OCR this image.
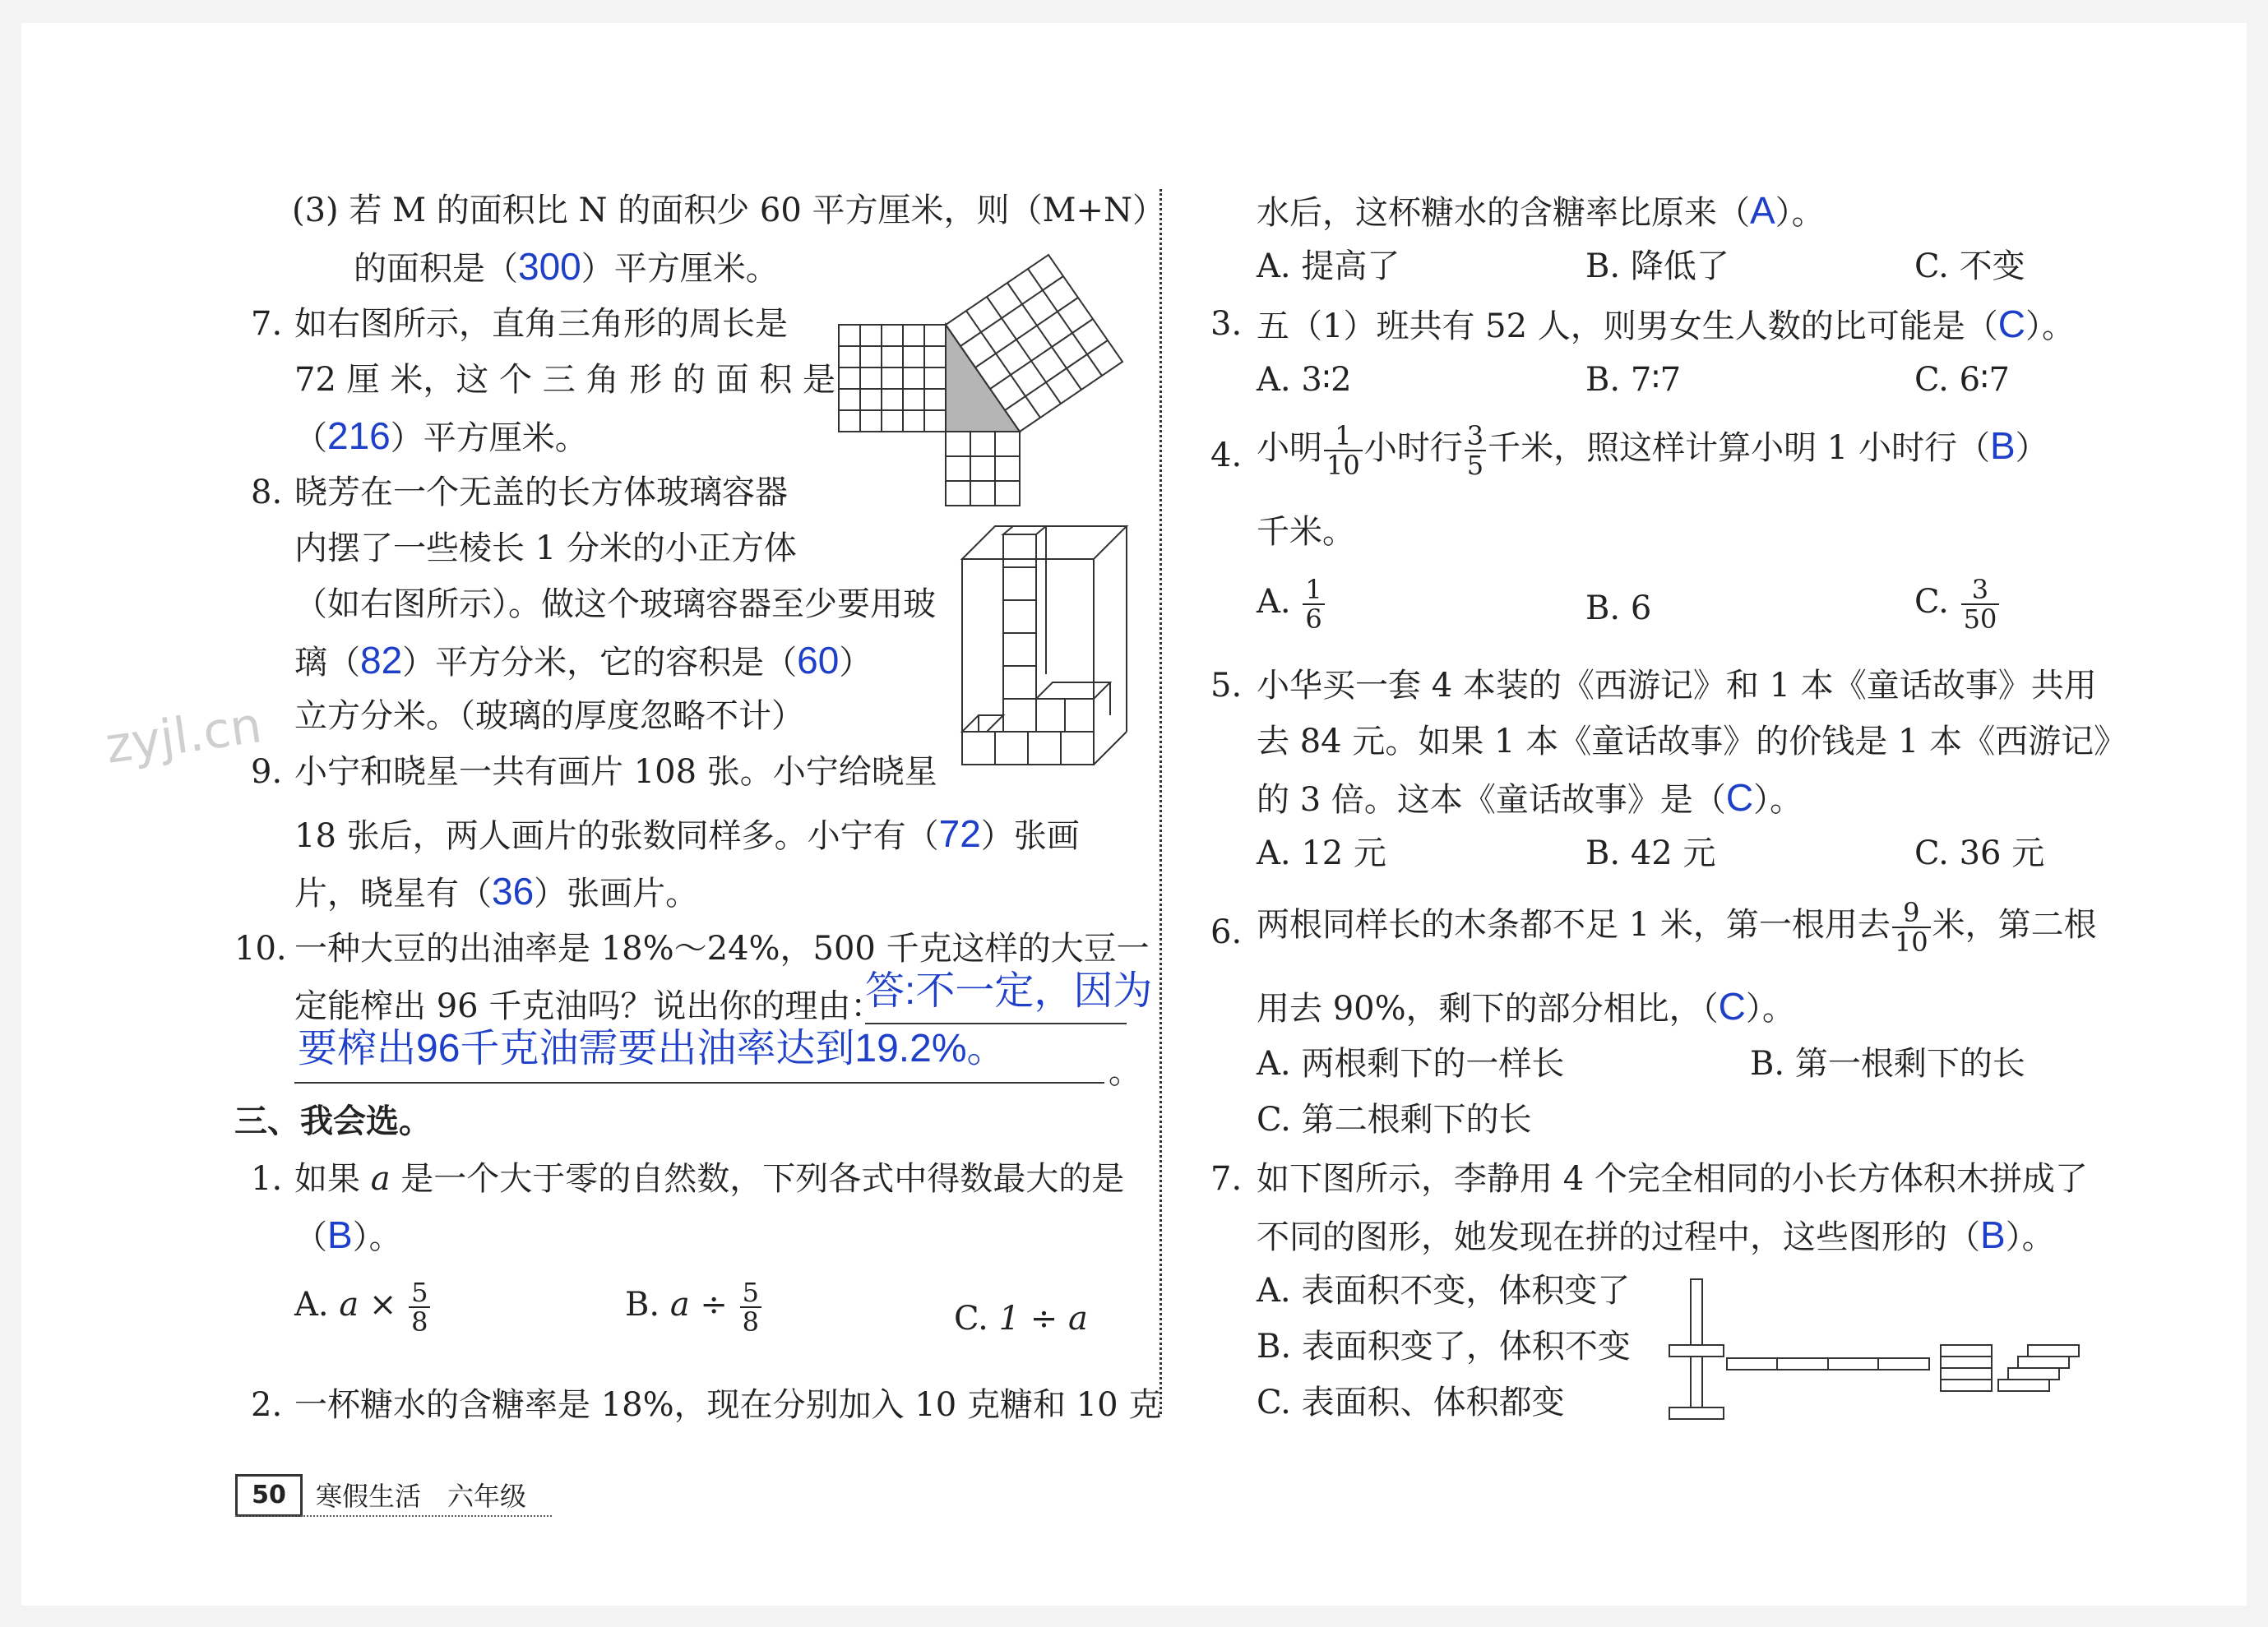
zyjl.cn
(3) 若 M 的面积比 N 的面积少 60 平方厘米，则（M+N）
的面积是（300）平方厘米。
7. 如右图所示，直角三角形的周长是
72 厘 米，这 个 三 角 形 的 面 积 是
（216）平方厘米。
8. 晓芳在一个无盖的长方体玻璃容器
内摆了一些棱长 1 分米的小正方体
（如右图所示）。做这个玻璃容器至少要用玻
璃（82）平方分米，它的容积是（60）
立方分米。（玻璃的厚度忽略不计）
9. 小宁和晓星一共有画片 108 张。小宁给晓星
18 张后，两人画片的张数同样多。小宁有（72）张画
片，晓星有（36）张画片。
10. 一种大豆的出油率是 18%～24%，500 千克这样的大豆一
定能榨出 96 千克油吗？说出你的理由：
答:不一定，因为
要榨出96千克油需要出油率达到19.2%。
。
三、我会选。
1. 如果 a 是一个大于零的自然数，下列各式中得数最大的是
（B）。
A. $a \times \frac{5}{8}$	B. $a \div \frac{5}{8}$	C. 1 ÷ a
2. 一杯糖水的含糖率是 18%，现在分别加入 10 克糖和 10 克
水后，这杯糖水的含糖率比原来（A）。
A. 提高了	B. 降低了	C. 不变
3. 五（1）班共有 52 人，则男女生人数的比可能是（C）。
A. 3∶2	B. 7∶7	C. 6∶7
4. 小明 $\frac{1}{10}$ 小时行 $\frac{3}{5}$ 千米，照这样计算小明 1 小时行（B）
千米。
A. $\frac{1}{6}$	B. 6	C. $\frac{3}{50}$
5. 小华买一套 4 本装的《西游记》和 1 本《童话故事》共用
去 84 元。如果 1 本《童话故事》的价钱是 1 本《西游记》
的 3 倍。这本《童话故事》是（C）。
A. 12 元	B. 42 元	C. 36 元
6. 两根同样长的木条都不足 1 米，第一根用去 $\frac{9}{10}$ 米，第二根
用去 90%，剩下的部分相比，（C）。
A. 两根剩下的一样长	B. 第一根剩下的长
C. 第二根剩下的长
7. 如下图所示，李静用 4 个完全相同的小长方体积木拼成了
不同的图形，她发现在拼的过程中，这些图形的（B）。
A. 表面积不变，体积变了
B. 表面积变了，体积不变
C. 表面积、体积都变
50	寒假生活　六年级
